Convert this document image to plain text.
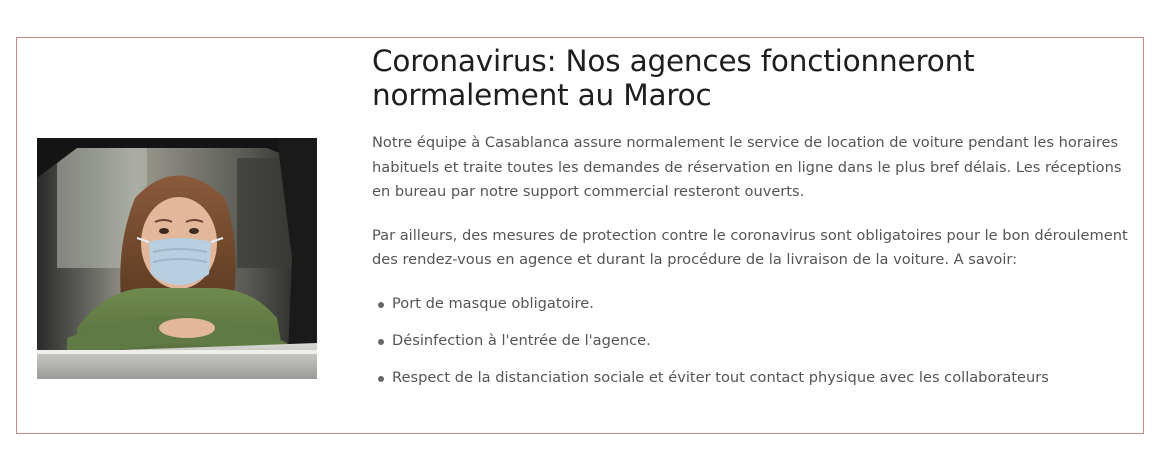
Coronavirus: Nos agences fonctionneront normalement au Maroc

Notre équipe à Casablanca assure normalement le service de location de voiture pendant les horaires habituels et traite toutes les demandes de réservation en ligne dans le plus bref délais. Les réceptions en bureau par notre support commercial resteront ouverts.

Par ailleurs, des mesures de protection contre le coronavirus sont obligatoires pour le bon déroulement des rendez-vous en agence et durant la procédure de la livraison de la voiture. A savoir:

Port de masque obligatoire.
Désinfection à l'entrée de l'agence.
Respect de la distanciation sociale et éviter tout contact physique avec les collaborateurs
